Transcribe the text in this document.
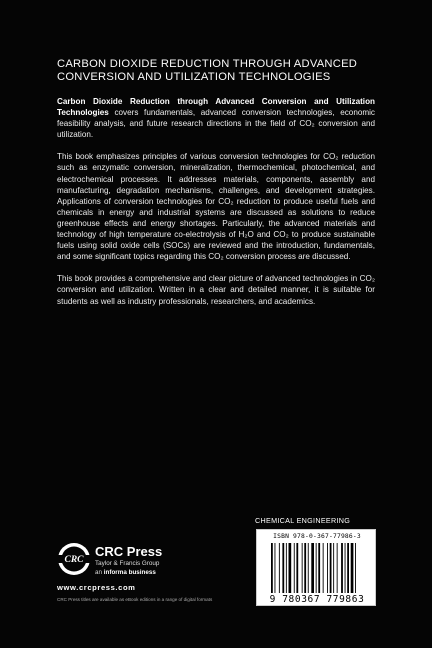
CARBON DIOXIDE REDUCTION THROUGH ADVANCED CONVERSION AND UTILIZATION TECHNOLOGIES

Carbon Dioxide Reduction through Advanced Conversion and Utilization Technologies covers fundamentals, advanced conversion technologies, economic feasibility analysis, and future research directions in the field of CO₂ conversion and utilization.

This book emphasizes principles of various conversion technologies for CO₂ reduction such as enzymatic conversion, mineralization, thermochemical, photochemical, and electrochemical processes. It addresses materials, components, assembly and manufacturing, degradation mechanisms, challenges, and development strategies. Applications of conversion technologies for CO₂ reduction to produce useful fuels and chemicals in energy and industrial systems are discussed as solutions to reduce greenhouse effects and energy shortages. Particularly, the advanced materials and technology of high temperature co-electrolysis of H₂O and CO₂ to produce sustainable fuels using solid oxide cells (SOCs) are reviewed and the introduction, fundamentals, and some significant topics regarding this CO₂ conversion process are discussed.

This book provides a comprehensive and clear picture of advanced technologies in CO₂ conversion and utilization. Written in a clear and detailed manner, it is suitable for students as well as industry professionals, researchers, and academics.

CHEMICAL ENGINEERING
ISBN 978-0-367-77986-3
9 780367 779863
CRC
CRC Press
Taylor & Francis Group
an informa business
www.crcpress.com
CRC Press titles are available as eBook editions in a range of digital formats
